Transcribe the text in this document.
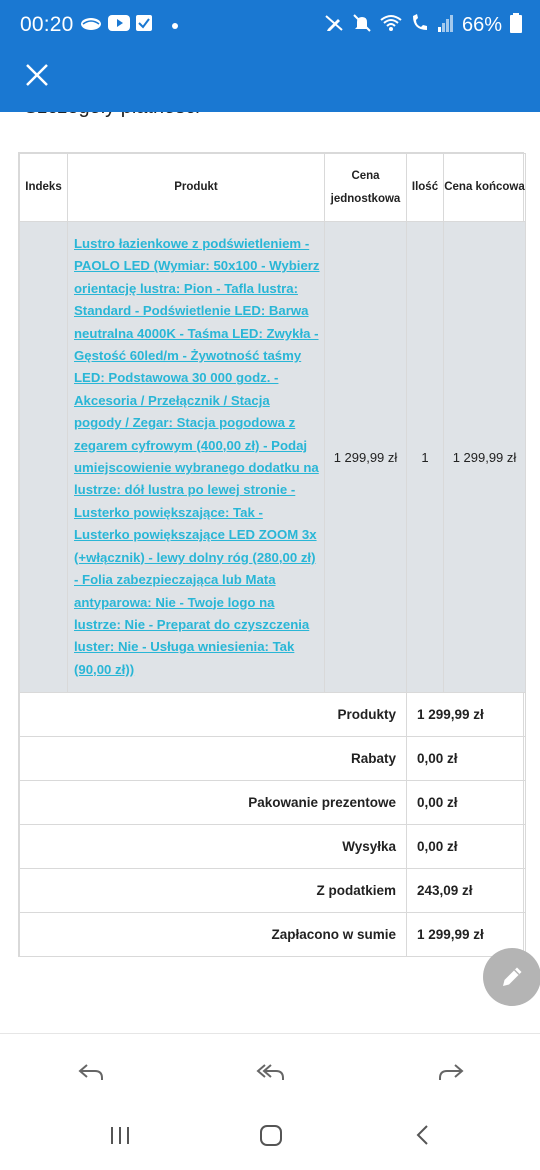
00:20	66%
Indeks	Produkt	Cena jednostkowa	Ilość	Cena końcowa

	Lustro łazienkowe z podświetleniem - PAOLO LED (Wymiar: 50x100 - Wybierz orientację lustra: Pion - Tafla lustra: Standard - Podświetlenie LED: Barwa neutralna 4000K - Taśma LED: Zwykła - Gęstość 60led/m - Żywotność taśmy LED: Podstawowa 30 000 godz. - Akcesoria / Przełącznik / Stacja pogody / Zegar: Stacja pogodowa z zegarem cyfrowym (400,00 zł) - Podaj umiejscowienie wybranego dodatku na lustrze: dół lustra po lewej stronie - Lusterko powiększające: Tak - Lusterko powiększające LED ZOOM 3x (+włącznik) - lewy dolny róg (280,00 zł) - Folia zabezpieczająca lub Mata antyparowa: Nie - Twoje logo na lustrze: Nie - Preparat do czyszczenia luster: Nie - Usługa wniesienia: Tak (90,00 zł))	1 299,99 zł	1	1 299,99 zł
Produkty			1 299,99 zł	
Rabaty			0,00 zł	
Pakowanie prezentowe			0,00 zł	
Wysyłka			0,00 zł	
Z podatkiem			243,09 zł	
Zapłacono w sumie			1 299,99 zł	
